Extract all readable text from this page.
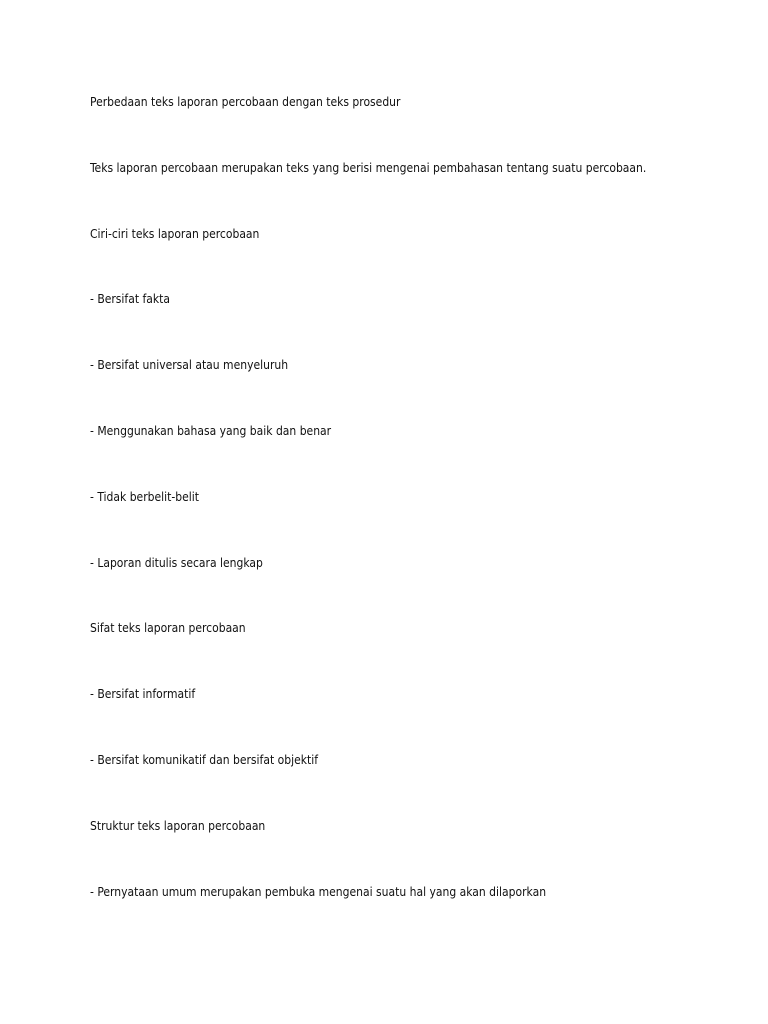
Perbedaan teks laporan percobaan dengan teks prosedur
Teks laporan percobaan merupakan teks yang berisi mengenai pembahasan tentang suatu percobaan.
Ciri-ciri teks laporan percobaan
- Bersifat fakta
- Bersifat universal atau menyeluruh
- Menggunakan bahasa yang baik dan benar
- Tidak berbelit-belit
- Laporan ditulis secara lengkap
Sifat teks laporan percobaan
- Bersifat informatif
- Bersifat komunikatif dan bersifat objektif
Struktur teks laporan percobaan
- Pernyataan umum merupakan pembuka mengenai suatu hal yang akan dilaporkan
